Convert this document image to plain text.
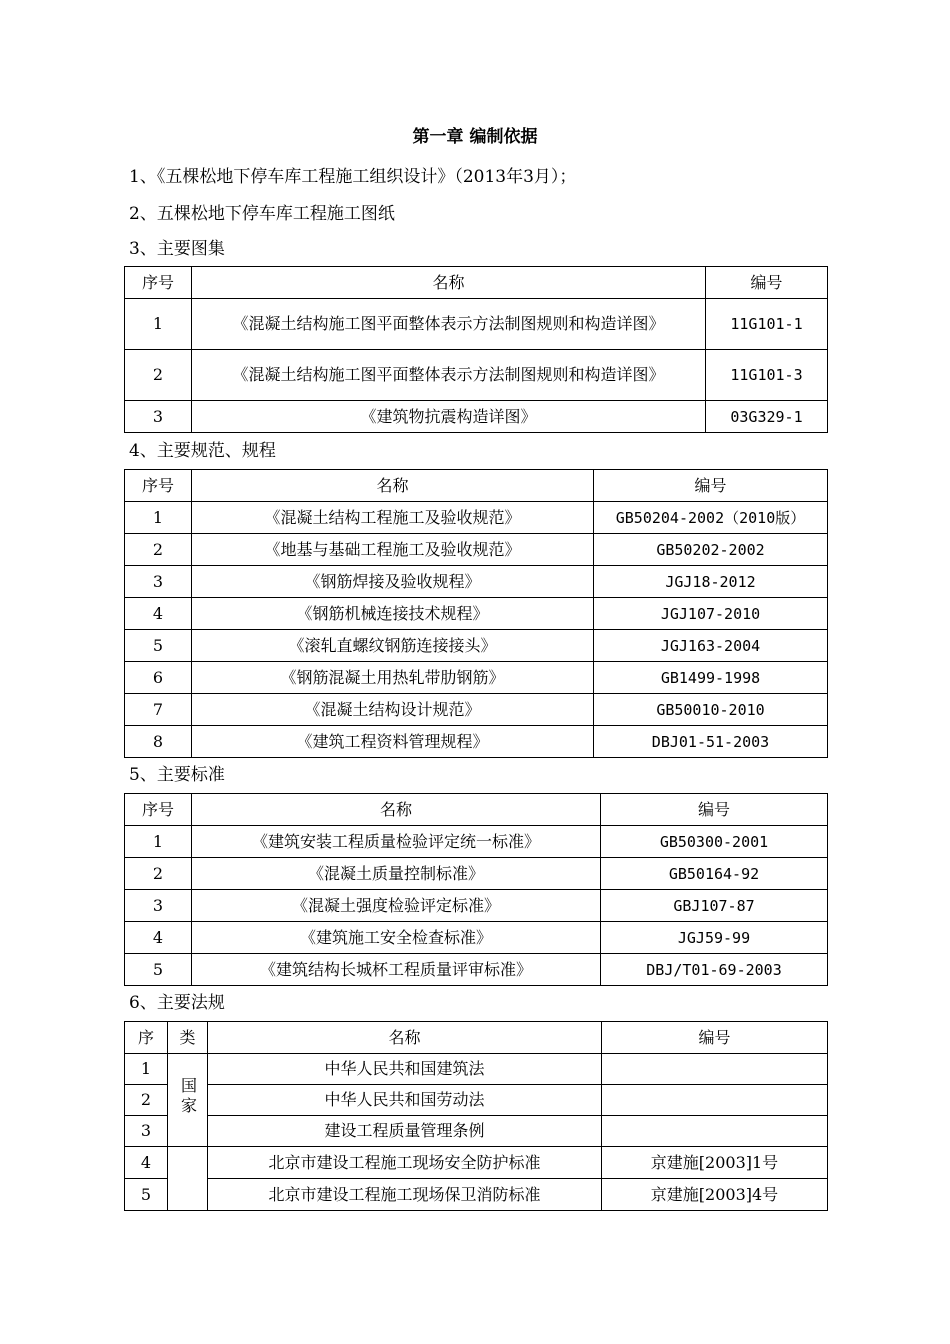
第一章 编制依据
1、《五棵松地下停车库工程施工组织设计》（2013年3月）；
2、五棵松地下停车库工程施工图纸
3、主要图集
序号	名称	编号
1	《混凝土结构施工图平面整体表示方法制图规则和构造详图》	11G101-1
2	《混凝土结构施工图平面整体表示方法制图规则和构造详图》	11G101-3
3	《建筑物抗震构造详图》	03G329-1
4、主要规范、规程
序号	名称	编号
1	《混凝土结构工程施工及验收规范》	GB50204-2002（2010版）
2	《地基与基础工程施工及验收规范》	GB50202-2002
3	《钢筋焊接及验收规程》	JGJ18-2012
4	《钢筋机械连接技术规程》	JGJ107-2010
5	《滚轧直螺纹钢筋连接接头》	JGJ163-2004
6	《钢筋混凝土用热轧带肋钢筋》	GB1499-1998
7	《混凝土结构设计规范》	GB50010-2010
8	《建筑工程资料管理规程》	DBJ01-51-2003
5、主要标准
序号	名称	编号
1	《建筑安装工程质量检验评定统一标准》	GB50300-2001
2	《混凝土质量控制标准》	GB50164-92
3	《混凝土强度检验评定标准》	GBJ107-87
4	《建筑施工安全检查标准》	JGJ59-99
5	《建筑结构长城杯工程质量评审标准》	DBJ/T01-69-2003
6、主要法规
序	类	名称	编号
1	国家	中华人民共和国建筑法	
2		中华人民共和国劳动法	
3		建设工程质量管理条例	
4		北京市建设工程施工现场安全防护标准	京建施[2003]1号
5		北京市建设工程施工现场保卫消防标准	京建施[2003]4号
